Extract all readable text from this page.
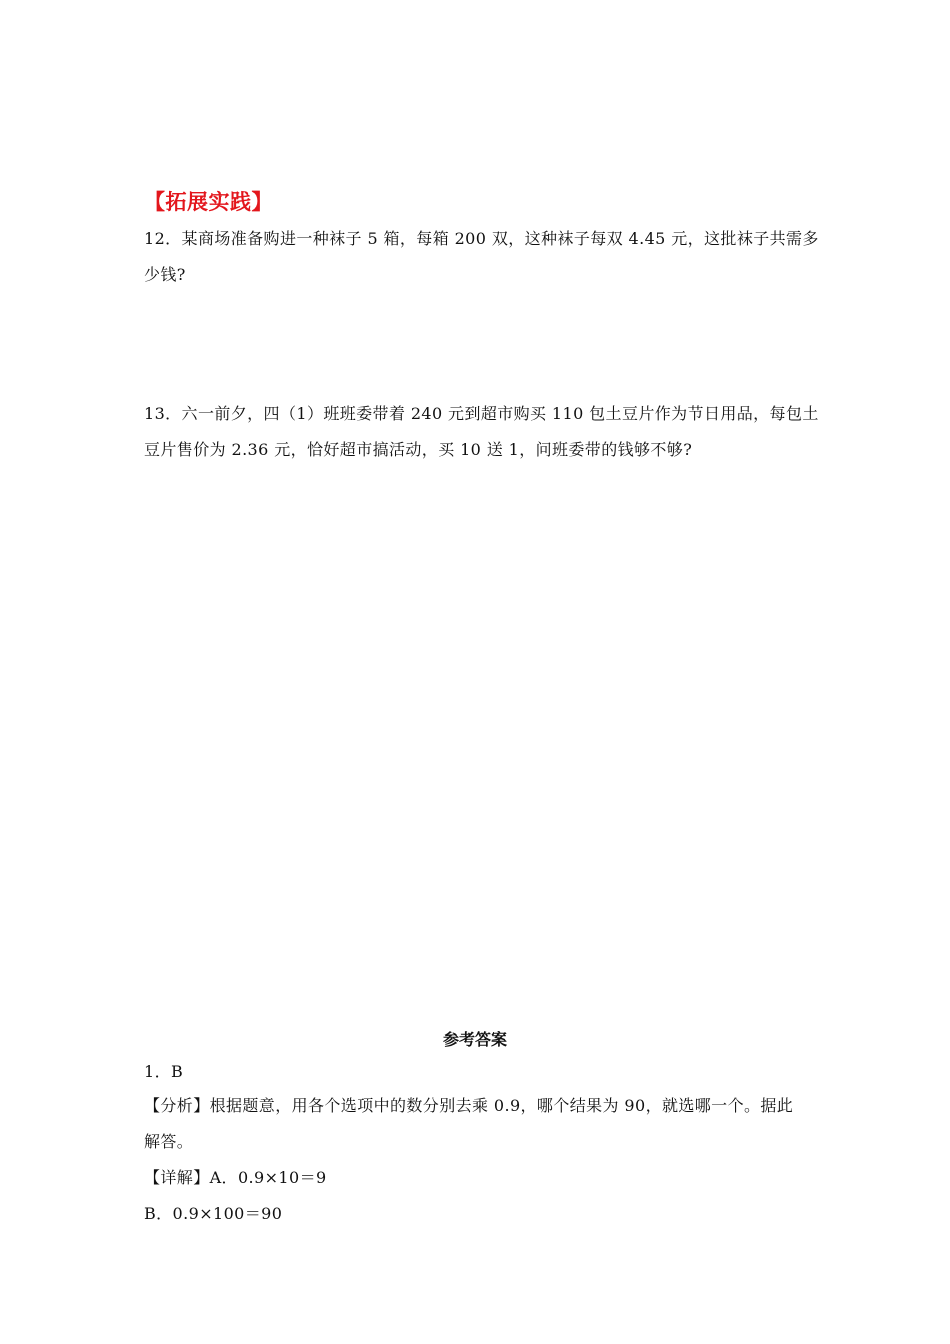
【拓展实践】
12．某商场准备购进一种袜子 5 箱，每箱 200 双，这种袜子每双 4.45 元，这批袜子共需多
少钱?
13．六一前夕，四（1）班班委带着 240 元到超市购买 110 包土豆片作为节日用品，每包土
豆片售价为 2.36 元，恰好超市搞活动，买 10 送 1，问班委带的钱够不够?
参考答案
1．B
【分析】根据题意，用各个选项中的数分别去乘 0.9，哪个结果为 90，就选哪一个。据此
解答。
【详解】A．0.9×10＝9
B．0.9×100＝90
